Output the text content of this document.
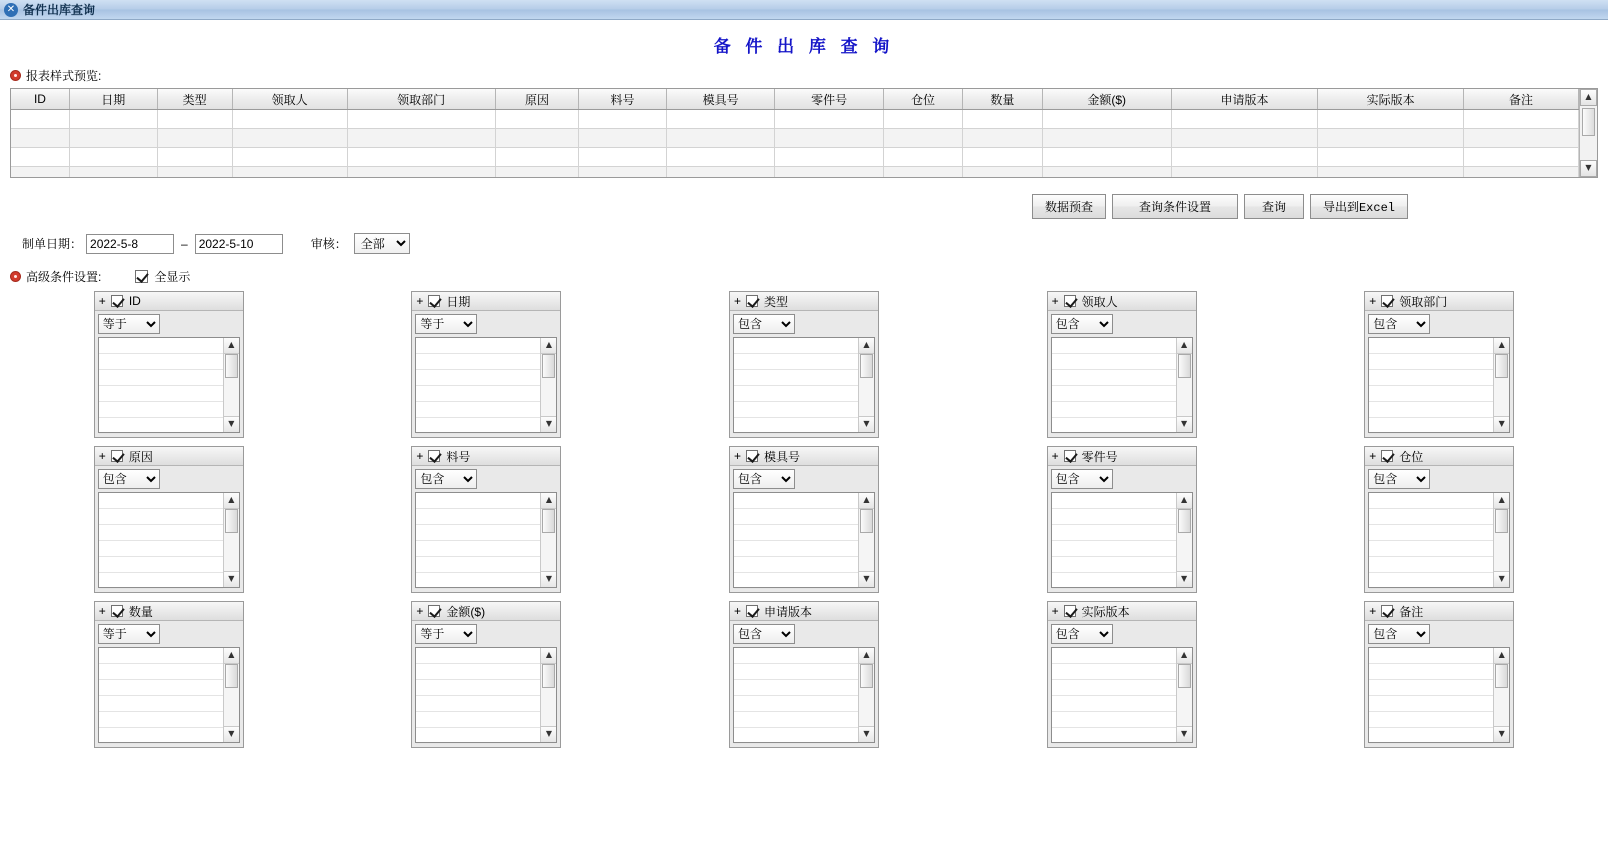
✕ 备件出库查询
备 件 出 库 查 询
报表样式预览:
ID	日期	类型	领取人	领取部门	原因	料号	模具号	零件号	仓位	数量	金额($)	申请版本	实际版本	备注

															▲
▼
数据预查	查询条件设置	查询	导出到Excel
制单日期：
2022-5-8	–
2022-5-10	审核：
全部
高级条件设置:	全显示
+ ID
等于
▲
▼
+ 日期
等于
▲
▼
+ 类型
包含
▲
▼
+ 领取人
包含
▲
▼
+ 领取部门
包含
▲
▼
+ 原因
包含
▲
▼
+ 料号
包含
▲
▼
+ 模具号
包含
▲
▼
+ 零件号
包含
▲
▼
+ 仓位
包含
▲
▼
+ 数量
等于
▲
▼
+ 金额($)
等于
▲
▼
+ 申请版本
包含
▲
▼
+ 实际版本
包含
▲
▼
+ 备注
包含
▲
▼
